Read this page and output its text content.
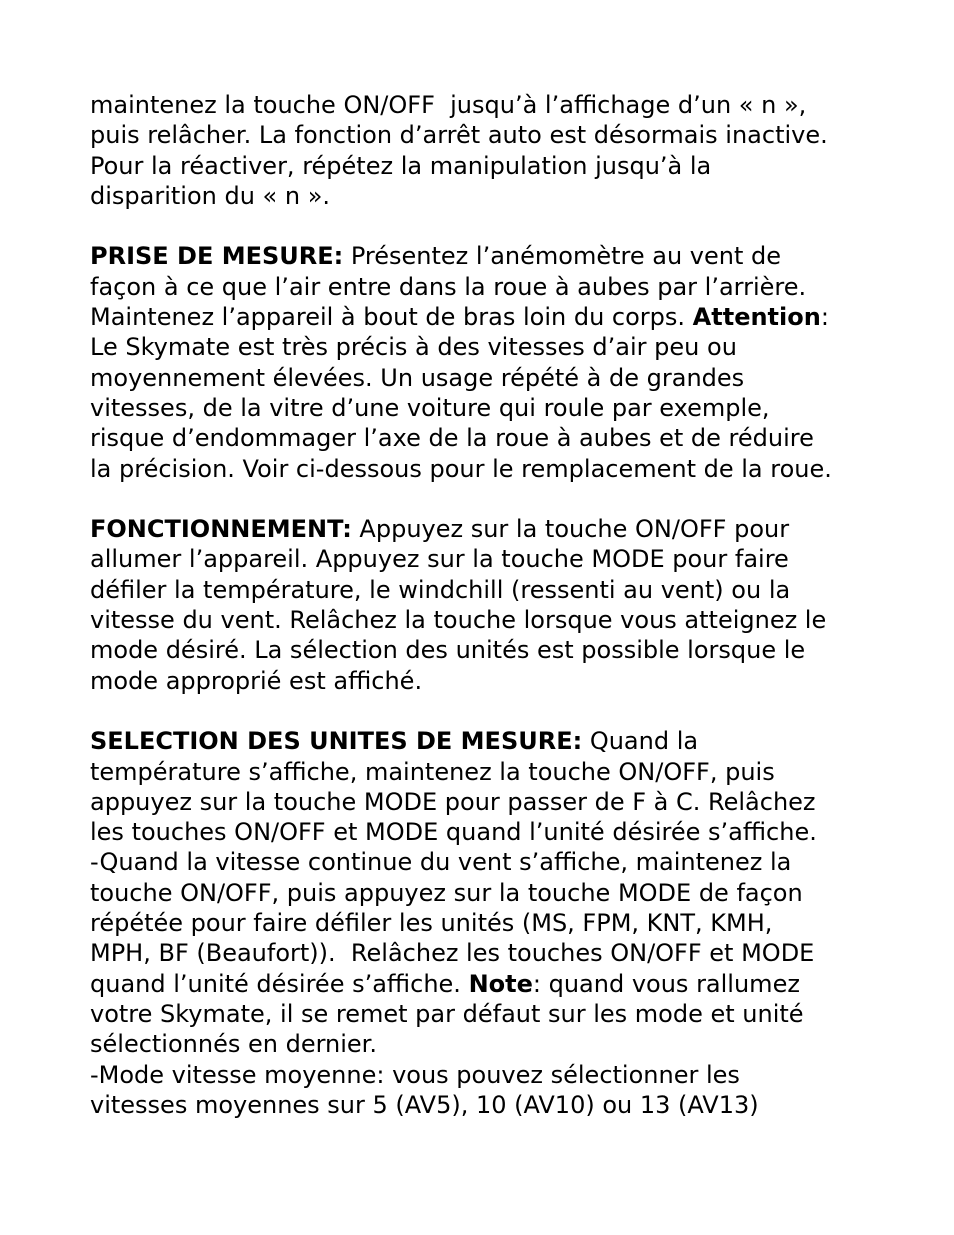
maintenez la touche ON/OFF  jusqu’à l’affichage d’un « n »,
puis relâcher. La fonction d’arrêt auto est désormais inactive.
Pour la réactiver, répétez la manipulation jusqu’à la
disparition du « n ».
PRISE DE MESURE: Présentez l’anémomètre au vent de
façon à ce que l’air entre dans la roue à aubes par l’arrière.
Maintenez l’appareil à bout de bras loin du corps. Attention:
Le Skymate est très précis à des vitesses d’air peu ou
moyennement élevées. Un usage répété à de grandes
vitesses, de la vitre d’une voiture qui roule par exemple,
risque d’endommager l’axe de la roue à aubes et de réduire
la précision. Voir ci-dessous pour le remplacement de la roue.
FONCTIONNEMENT: Appuyez sur la touche ON/OFF pour
allumer l’appareil. Appuyez sur la touche MODE pour faire
défiler la température, le windchill (ressenti au vent) ou la
vitesse du vent. Relâchez la touche lorsque vous atteignez le
mode désiré. La sélection des unités est possible lorsque le
mode approprié est affiché.
SELECTION DES UNITES DE MESURE: Quand la
température s’affiche, maintenez la touche ON/OFF, puis
appuyez sur la touche MODE pour passer de F à C. Relâchez
les touches ON/OFF et MODE quand l’unité désirée s’affiche.
-Quand la vitesse continue du vent s’affiche, maintenez la
touche ON/OFF, puis appuyez sur la touche MODE de façon
répétée pour faire défiler les unités (MS, FPM, KNT, KMH,
MPH, BF (Beaufort)).  Relâchez les touches ON/OFF et MODE
quand l’unité désirée s’affiche. Note: quand vous rallumez
votre Skymate, il se remet par défaut sur les mode et unité
sélectionnés en dernier.
-Mode vitesse moyenne: vous pouvez sélectionner les
vitesses moyennes sur 5 (AV5), 10 (AV10) ou 13 (AV13)
